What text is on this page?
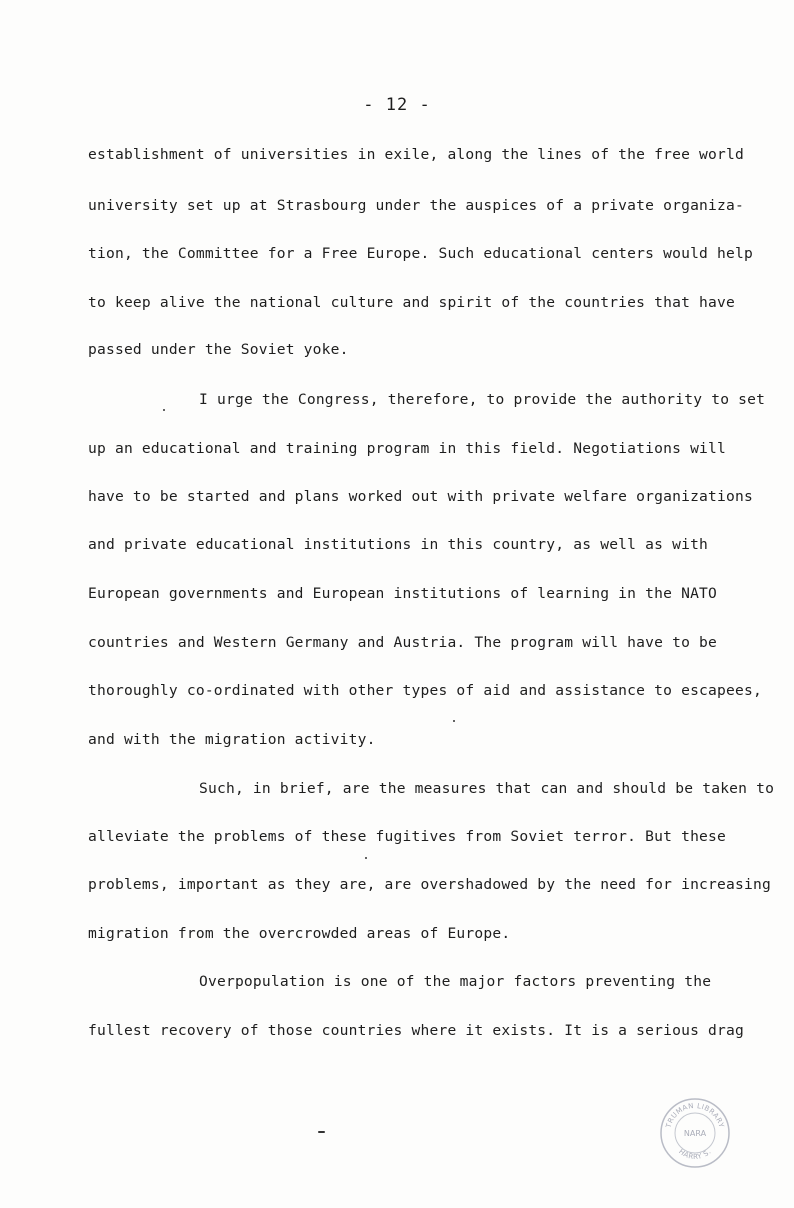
- 12 -
establishment of universities in exile, along the lines of the free world
university set up at Strasbourg under the auspices of a private organiza-
tion, the Committee for a Free Europe. Such educational centers would help
to keep alive the national culture and spirit of the countries that have
passed under the Soviet yoke.
I urge the Congress, therefore, to provide the authority to set
up an educational and training program in this field. Negotiations will
have to be started and plans worked out with private welfare organizations
and private educational institutions in this country, as well as with
European governments and European institutions of learning in the NATO
countries and Western Germany and Austria. The program will have to be
thoroughly co-ordinated with other types of aid and assistance to escapees,
and with the migration activity.
Such, in brief, are the measures that can and should be taken to
alleviate the problems of these fugitives from Soviet terror. But these
problems, important as they are, are overshadowed by the need for increasing
migration from the overcrowded areas of Europe.
Overpopulation is one of the major factors preventing the
fullest recovery of those countries where it exists. It is a serious drag
TRUMAN LIBRARY
HARRY S.
NARA
